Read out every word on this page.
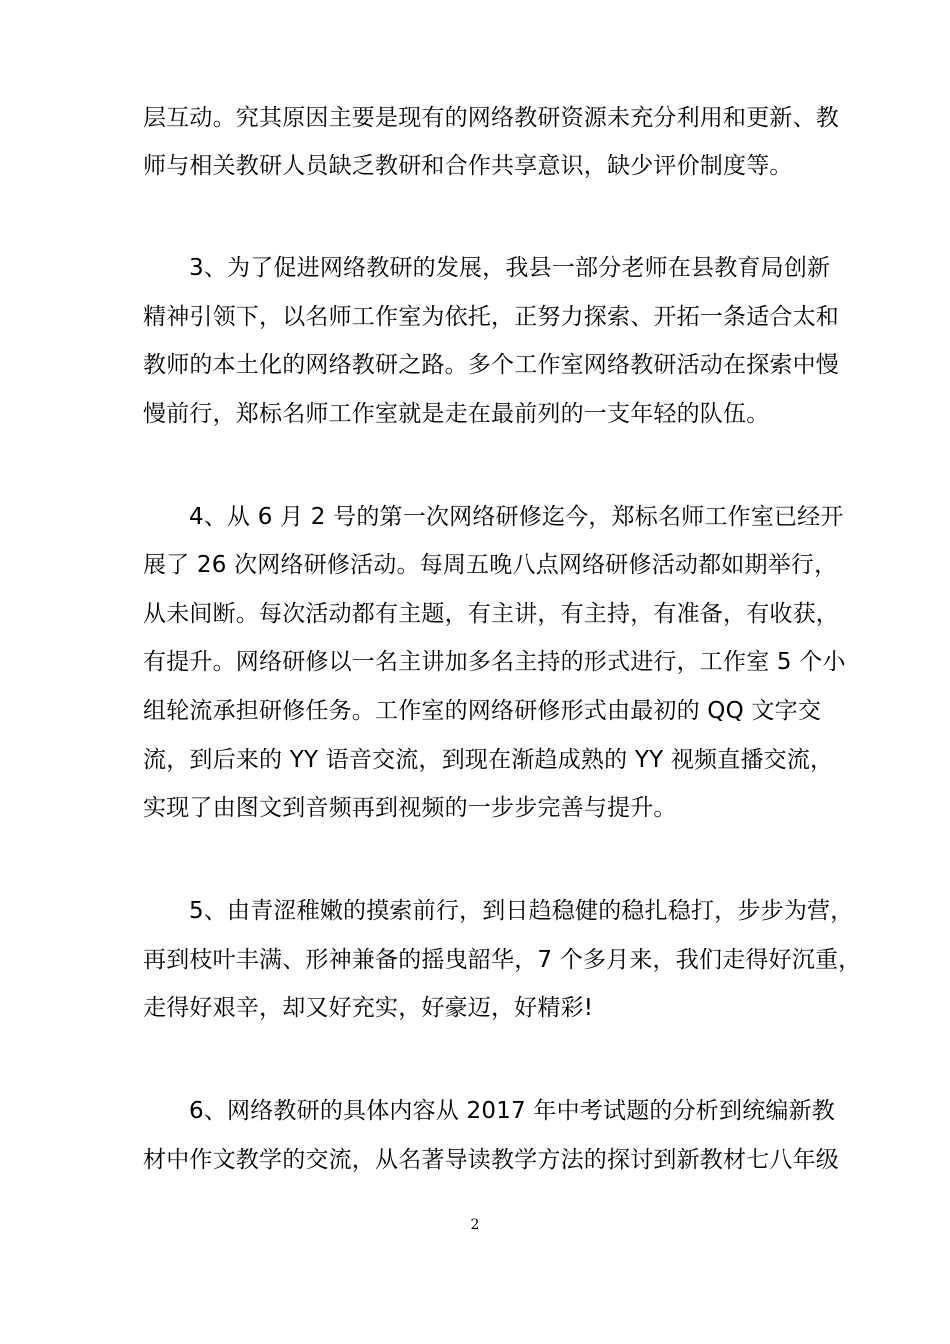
层互动。究其原因主要是现有的网络教研资源未充分利用和更新、教
师与相关教研人员缺乏教研和合作共享意识，缺少评价制度等。
3、为了促进网络教研的发展，我县一部分老师在县教育局创新
精神引领下，以名师工作室为依托，正努力探索、开拓一条适合太和
教师的本土化的网络教研之路。多个工作室网络教研活动在探索中慢
慢前行，郑标名师工作室就是走在最前列的一支年轻的队伍。
4、从 6 月 2 号的第一次网络研修迄今，郑标名师工作室已经开
展了 26 次网络研修活动。每周五晚八点网络研修活动都如期举行，
从未间断。每次活动都有主题，有主讲，有主持，有准备，有收获，
有提升。网络研修以一名主讲加多名主持的形式进行，工作室 5 个小
组轮流承担研修任务。工作室的网络研修形式由最初的 QQ 文字交
流，到后来的 YY 语音交流，到现在渐趋成熟的 YY 视频直播交流，
实现了由图文到音频再到视频的一步步完善与提升。
5、由青涩稚嫩的摸索前行，到日趋稳健的稳扎稳打，步步为营，
再到枝叶丰满、形神兼备的摇曳韶华，7 个多月来，我们走得好沉重，
走得好艰辛，却又好充实，好豪迈，好精彩!
6、网络教研的具体内容从 2017 年中考试题的分析到统编新教
材中作文教学的交流，从名著导读教学方法的探讨到新教材七八年级
2
